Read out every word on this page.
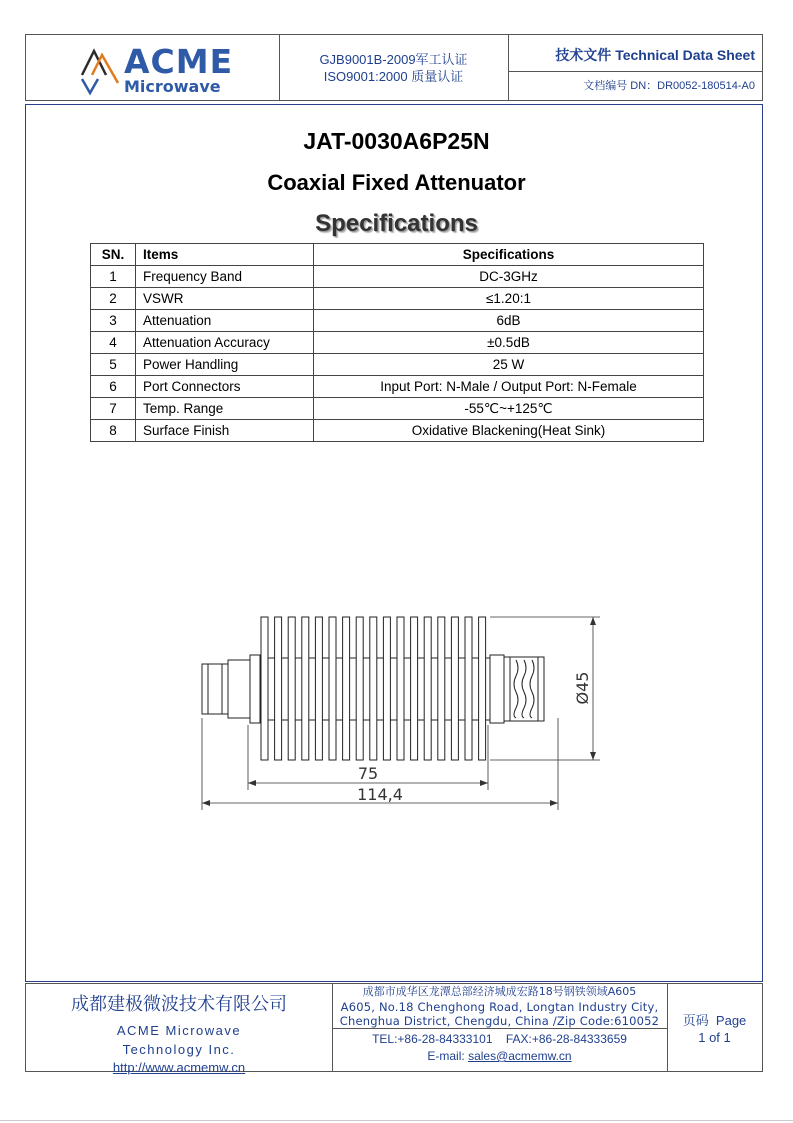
ACME
Microwave
GJB9001B-2009军工认证
ISO9001:2000 质量认证
技术文件 Technical Data Sheet
文档编号 DN：DR0052-180514-A0
JAT-0030A6P25N
Coaxial Fixed Attenuator
Specifications
SN.	Items	Specifications
1	Frequency Band	DC-3GHz
2	VSWR	≤1.20:1
3	Attenuation	6dB
4	Attenuation Accuracy	±0.5dB
5	Power Handling	25 W
6	Port Connectors	Input Port: N-Male / Output Port: N-Female
7	Temp. Range	-55℃~+125℃
8	Surface Finish	Oxidative Blackening(Heat Sink)
75
114,4
Ø45
成都建极微波技术有限公司
ACME Microwave
Technology Inc.
http://www.acmemw.cn
成都市成华区龙潭总部经济城成宏路18号钢铁领域A605
A605, No.18 Chenghong Road, Longtan Industry City,
Chenghua District, Chengdu, China /Zip Code:610052
TEL:+86-28-84333101    FAX:+86-28-84333659
E-mail: sales@acmemw.cn
页码  Page
1 of 1
